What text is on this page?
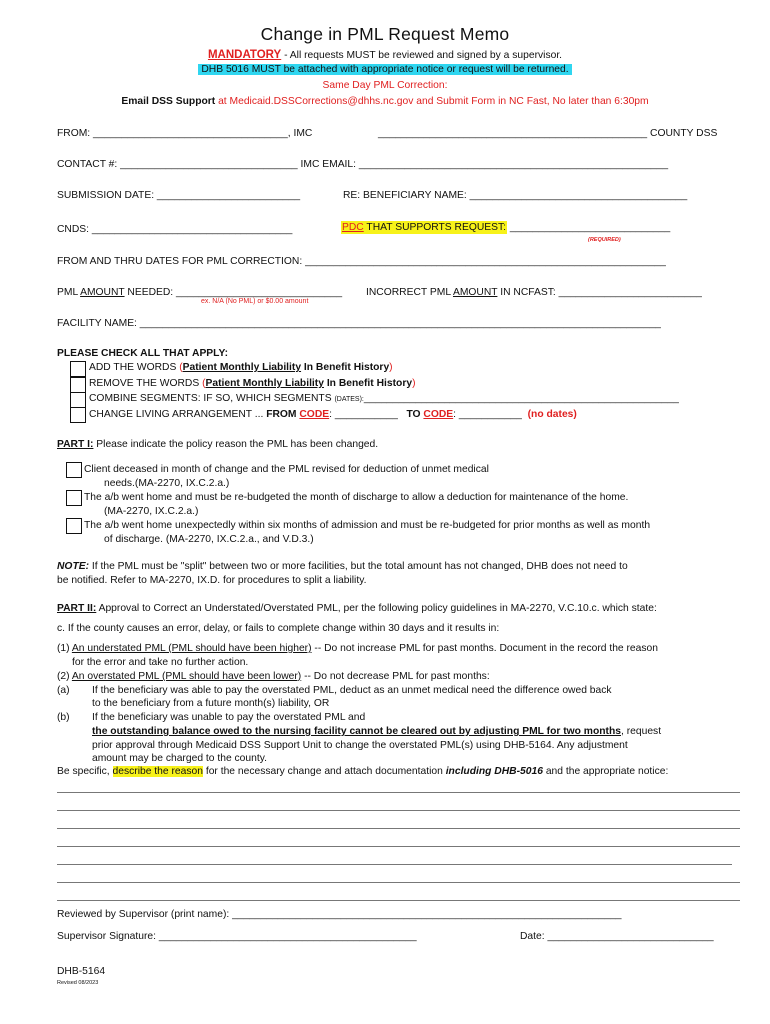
Change in PML Request Memo
MANDATORY - All requests MUST be reviewed and signed by a supervisor.
DHB 5016 MUST be attached with appropriate notice or request will be returned.
Same Day PML Correction:
Email DSS Support at Medicaid.DSSCorrections@dhhs.nc.gov and Submit Form in NC Fast, No later than 6:30pm
FROM: __________________________________, IMC	_______________________________________________ COUNTY DSS
CONTACT #: _______________________________ IMC EMAIL: ______________________________________________________
SUBMISSION DATE: _________________________	RE: BENEFICIARY NAME: ______________________________________
CNDS: ___________________________________	PDC THAT SUPPORTS REQUEST: ____________________________
(REQUIRED)
FROM AND THRU DATES FOR PML CORRECTION: _______________________________________________________________
PML AMOUNT NEEDED: _____________________________ INCORRECT PML AMOUNT IN NCFAST: _________________________
ex. N/A (No PML) or $0.00 amount
FACILITY NAME: ___________________________________________________________________________________________
PLEASE CHECK ALL THAT APPLY:
ADD THE WORDS (Patient Monthly Liability In Benefit History)
REMOVE THE WORDS (Patient Monthly Liability In Benefit History)
COMBINE SEGMENTS: IF SO, WHICH SEGMENTS (DATES):_______________________________________________________
CHANGE LIVING ARRANGEMENT ... FROM CODE: ___________ TO CODE: ___________ (no dates)
PART I: Please indicate the policy reason the PML has been changed.
Client deceased in month of change and the PML revised for deduction of unmet medical
needs.(MA-2270, IX.C.2.a.)
The a/b went home and must be re-budgeted the month of discharge to allow a deduction for maintenance of the home.
(MA-2270, IX.C.2.a.)
The a/b went home unexpectedly within six months of admission and must be re-budgeted for prior months as well as month
of discharge. (MA-2270, IX.C.2.a., and V.D.3.)
NOTE: If the PML must be "split" between two or more facilities, but the total amount has not changed, DHB does not need to
be notified. Refer to MA-2270, IX.D. for procedures to split a liability.
PART II: Approval to Correct an Understated/Overstated PML, per the following policy guidelines in MA-2270, V.C.10.c. which state:
c. If the county causes an error, delay, or fails to complete change within 30 days and it results in:
(1) An understated PML (PML should have been higher) -- Do not increase PML for past months. Document in the record the reason
for the error and take no further action.
(2) An overstated PML (PML should have been lower) -- Do not decrease PML for past months:
(a) If the beneficiary was able to pay the overstated PML, deduct as an unmet medical need the difference owed back
to the beneficiary from a future month(s) liability, OR
(b) If the beneficiary was unable to pay the overstated PML and
the outstanding balance owed to the nursing facility cannot be cleared out by adjusting PML for two months, request
prior approval through Medicaid DSS Support Unit to change the overstated PML(s) using DHB-5164. Any adjustment
amount may be charged to the county.
Be specific, describe the reason for the necessary change and attach documentation including DHB-5016 and the appropriate notice:
Reviewed by Supervisor (print name): ____________________________________________________________________
Supervisor Signature: _____________________________________________	Date: _____________________________
DHB-5164
Revised 08/2023
